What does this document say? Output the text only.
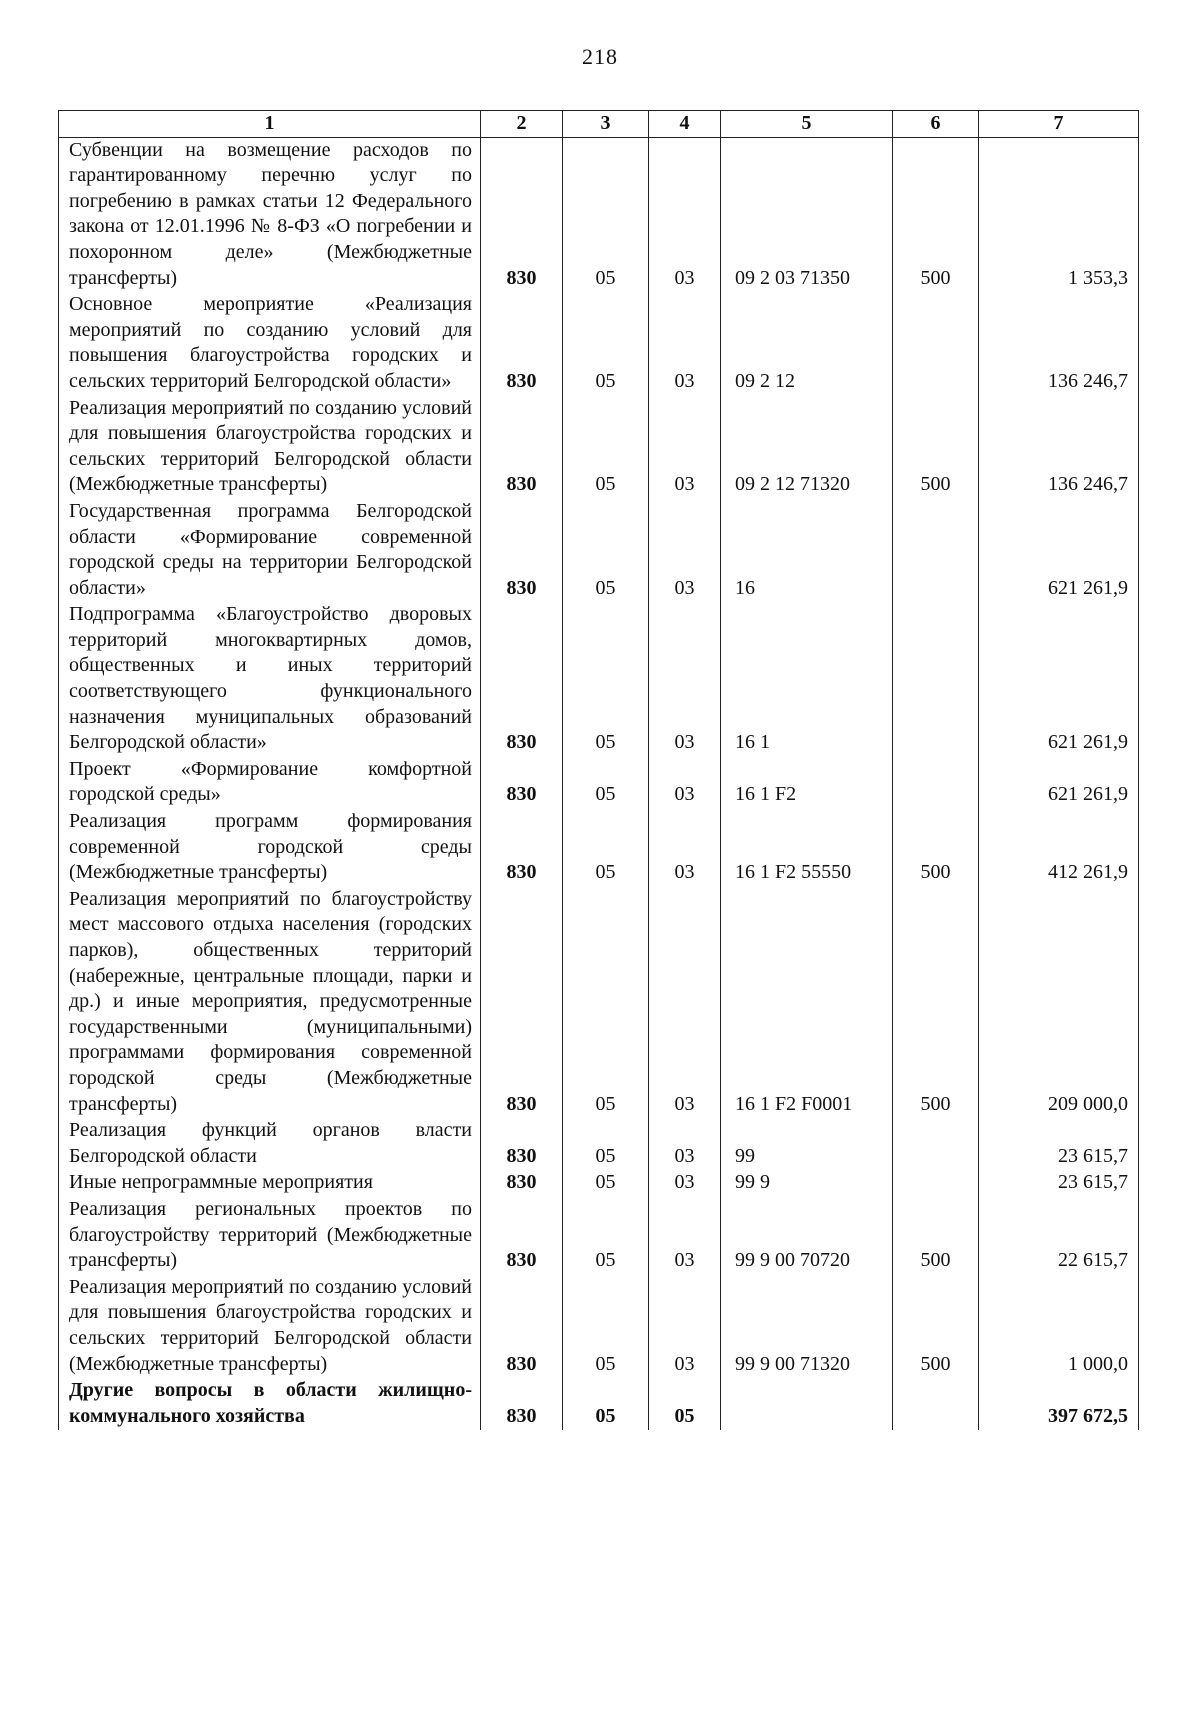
218
1	2	3	4	5	6	7
Субвенции на возмещение расходов по гарантированному перечню услуг по погребению в рамках статьи 12 Федерального закона от 12.01.1996 № 8-ФЗ «О погребении и похоронном деле» (Межбюджетные трансферты)	830	05	03	09 2 03 71350	500	1 353,3
Основное мероприятие «Реализация мероприятий по созданию условий для повышения благоустройства городских и сельских территорий Белгородской области»	830	05	03	09 2 12		136 246,7
Реализация мероприятий по созданию условий для повышения благоустройства городских и сельских территорий Белгородской области (Межбюджетные трансферты)	830	05	03	09 2 12 71320	500	136 246,7
Государственная программа Белгородской области «Формирование современной городской среды на территории Белгородской области»	830	05	03	16		621 261,9
Подпрограмма «Благоустройство дворовых территорий многоквартирных домов, общественных и иных территорий соответствующего функционального назначения муниципальных образований Белгородской области»	830	05	03	16 1		621 261,9
Проект «Формирование комфортной городской среды»	830	05	03	16 1 F2		621 261,9
Реализация программ формирования современной городской среды (Межбюджетные трансферты)	830	05	03	16 1 F2 55550	500	412 261,9
Реализация мероприятий по благоустройству мест массового отдыха населения (городских парков), общественных территорий (набережные, центральные площади, парки и др.) и иные мероприятия, предусмотренные государственными (муниципальными) программами формирования современной городской среды (Межбюджетные трансферты)	830	05	03	16 1 F2 F0001	500	209 000,0
Реализация функций органов власти Белгородской области	830	05	03	99		23 615,7
Иные непрограммные мероприятия	830	05	03	99 9		23 615,7
Реализация региональных проектов по благоустройству территорий (Межбюджетные трансферты)	830	05	03	99 9 00 70720	500	22 615,7
Реализация мероприятий по созданию условий для повышения благоустройства городских и сельских территорий Белгородской области (Межбюджетные трансферты)	830	05	03	99 9 00 71320	500	1 000,0
Другие вопросы в области жилищно-коммунального хозяйства	830	05	05			397 672,5
